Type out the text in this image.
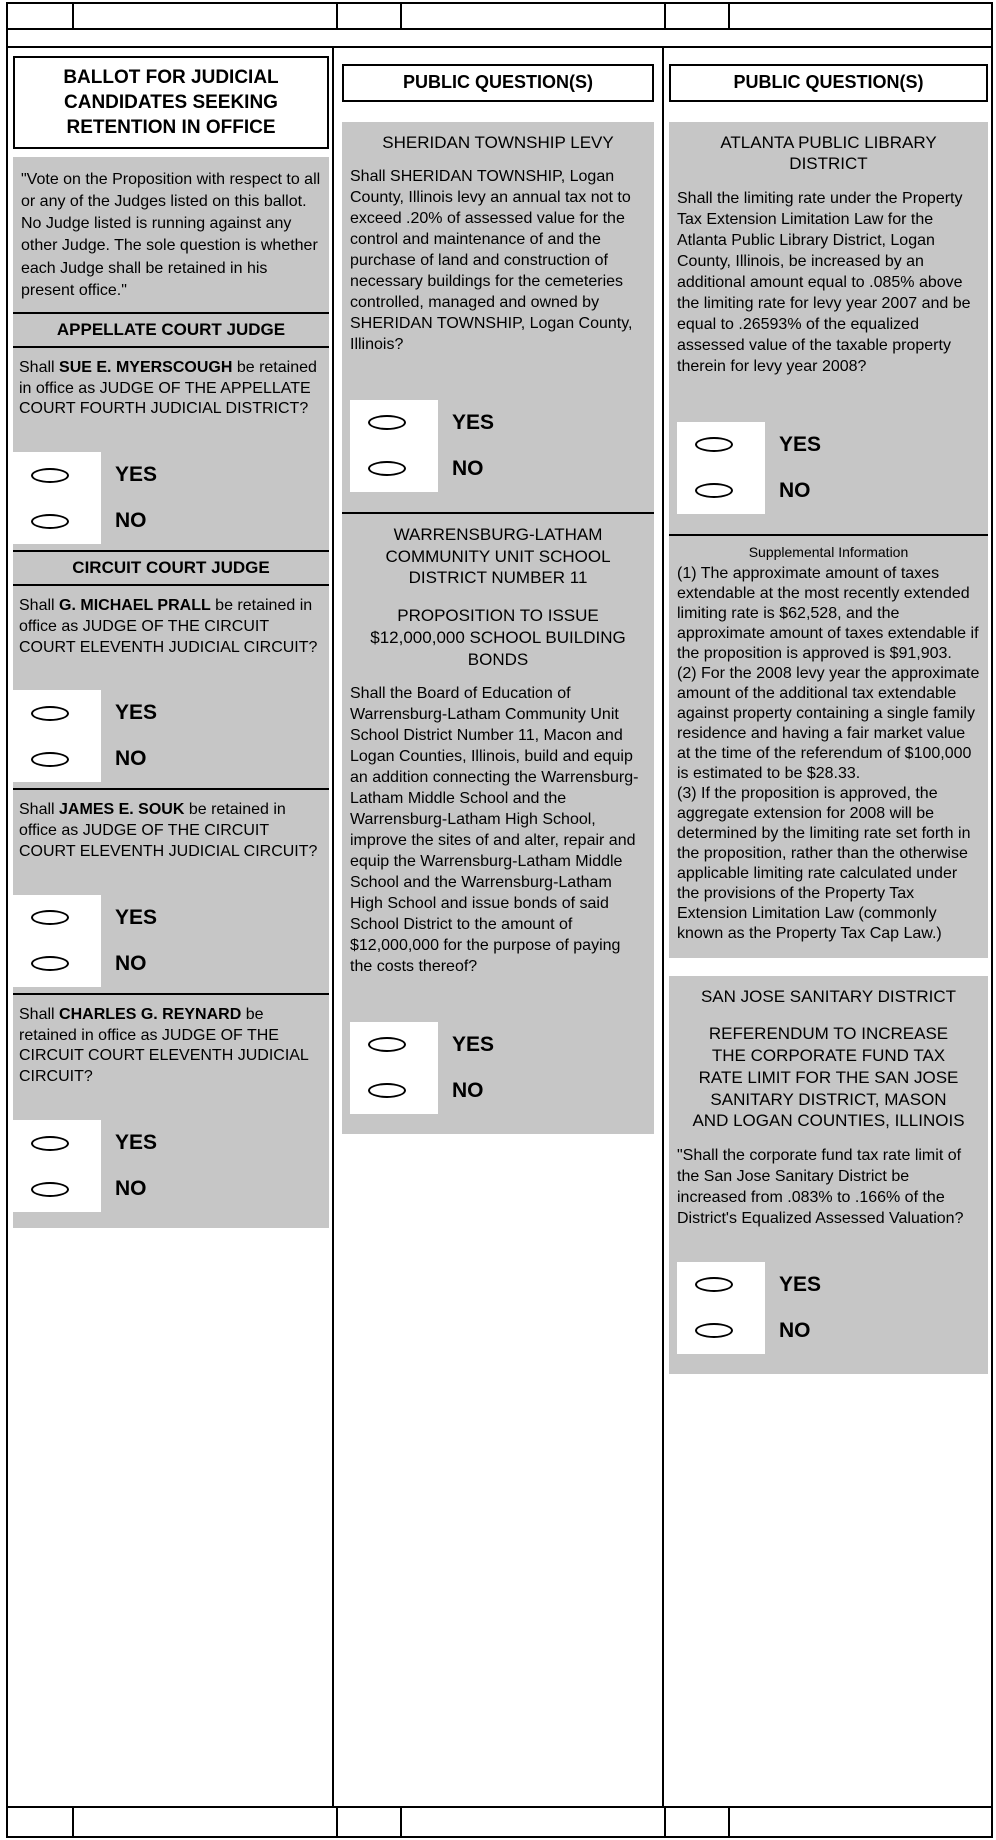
BALLOT FOR JUDICIAL CANDIDATES SEEKING RETENTION IN OFFICE
"Vote on the Proposition with respect to all or any of the Judges listed on this ballot. No Judge listed is running against any other Judge. The sole question is whether each Judge shall be retained in his present office."
APPELLATE COURT JUDGE

Shall SUE E. MYERSCOUGH be retained in office as JUDGE OF THE APPELLATE COURT FOURTH JUDICIAL DISTRICT?

YES
NO
CIRCUIT COURT JUDGE

Shall G. MICHAEL PRALL be retained in office as JUDGE OF THE CIRCUIT COURT ELEVENTH JUDICIAL CIRCUIT?

YES
NO

Shall JAMES E. SOUK be retained in office as JUDGE OF THE CIRCUIT COURT ELEVENTH JUDICIAL CIRCUIT?

YES
NO

Shall CHARLES G. REYNARD be retained in office as JUDGE OF THE CIRCUIT COURT ELEVENTH JUDICIAL CIRCUIT?

YES
NO
PUBLIC QUESTION(S)
SHERIDAN TOWNSHIP LEVY

Shall SHERIDAN TOWNSHIP, Logan County, Illinois levy an annual tax not to exceed .20% of assessed value for the control and maintenance of and the purchase of land and construction of necessary buildings for the cemeteries controlled, managed and owned by SHERIDAN TOWNSHIP, Logan County, Illinois?

YES
NO
WARRENSBURG-LATHAM COMMUNITY UNIT SCHOOL DISTRICT NUMBER 11
PROPOSITION TO ISSUE $12,000,000 SCHOOL BUILDING BONDS

Shall the Board of Education of Warrensburg-Latham Community Unit School District Number 11, Macon and Logan Counties, Illinois, build and equip an addition connecting the Warrensburg-Latham Middle School and the Warrensburg-Latham High School, improve the sites of and alter, repair and equip the Warrensburg-Latham Middle School and the Warrensburg-Latham High School and issue bonds of said School District to the amount of $12,000,000 for the purpose of paying the costs thereof?

YES
NO
PUBLIC QUESTION(S)
ATLANTA PUBLIC LIBRARY DISTRICT

Shall the limiting rate under the Property Tax Extension Limitation Law for the Atlanta Public Library District, Logan County, Illinois, be increased by an additional amount equal to .085% above the limiting rate for levy year 2007 and be equal to .26593% of the equalized assessed value of the taxable property therein for levy year 2008?

YES
NO
Supplemental Information
(1) The approximate amount of taxes extendable at the most recently extended limiting rate is $62,528, and the approximate amount of taxes extendable if the proposition is approved is $91,903.
(2) For the 2008 levy year the approximate amount of the additional tax extendable against property containing a single family residence and having a fair market value at the time of the referendum of $100,000 is estimated to be $28.33.
(3) If the proposition is approved, the aggregate extension for 2008 will be determined by the limiting rate set forth in the proposition, rather than the otherwise applicable limiting rate calculated under the provisions of the Property Tax Extension Limitation Law (commonly known as the Property Tax Cap Law.)
SAN JOSE SANITARY DISTRICT
REFERENDUM TO INCREASE THE CORPORATE FUND TAX RATE LIMIT FOR THE SAN JOSE SANITARY DISTRICT, MASON AND LOGAN COUNTIES, ILLINOIS

"Shall the corporate fund tax rate limit of the San Jose Sanitary District be increased from .083% to .166% of the District's Equalized Assessed Valuation?

YES
NO
